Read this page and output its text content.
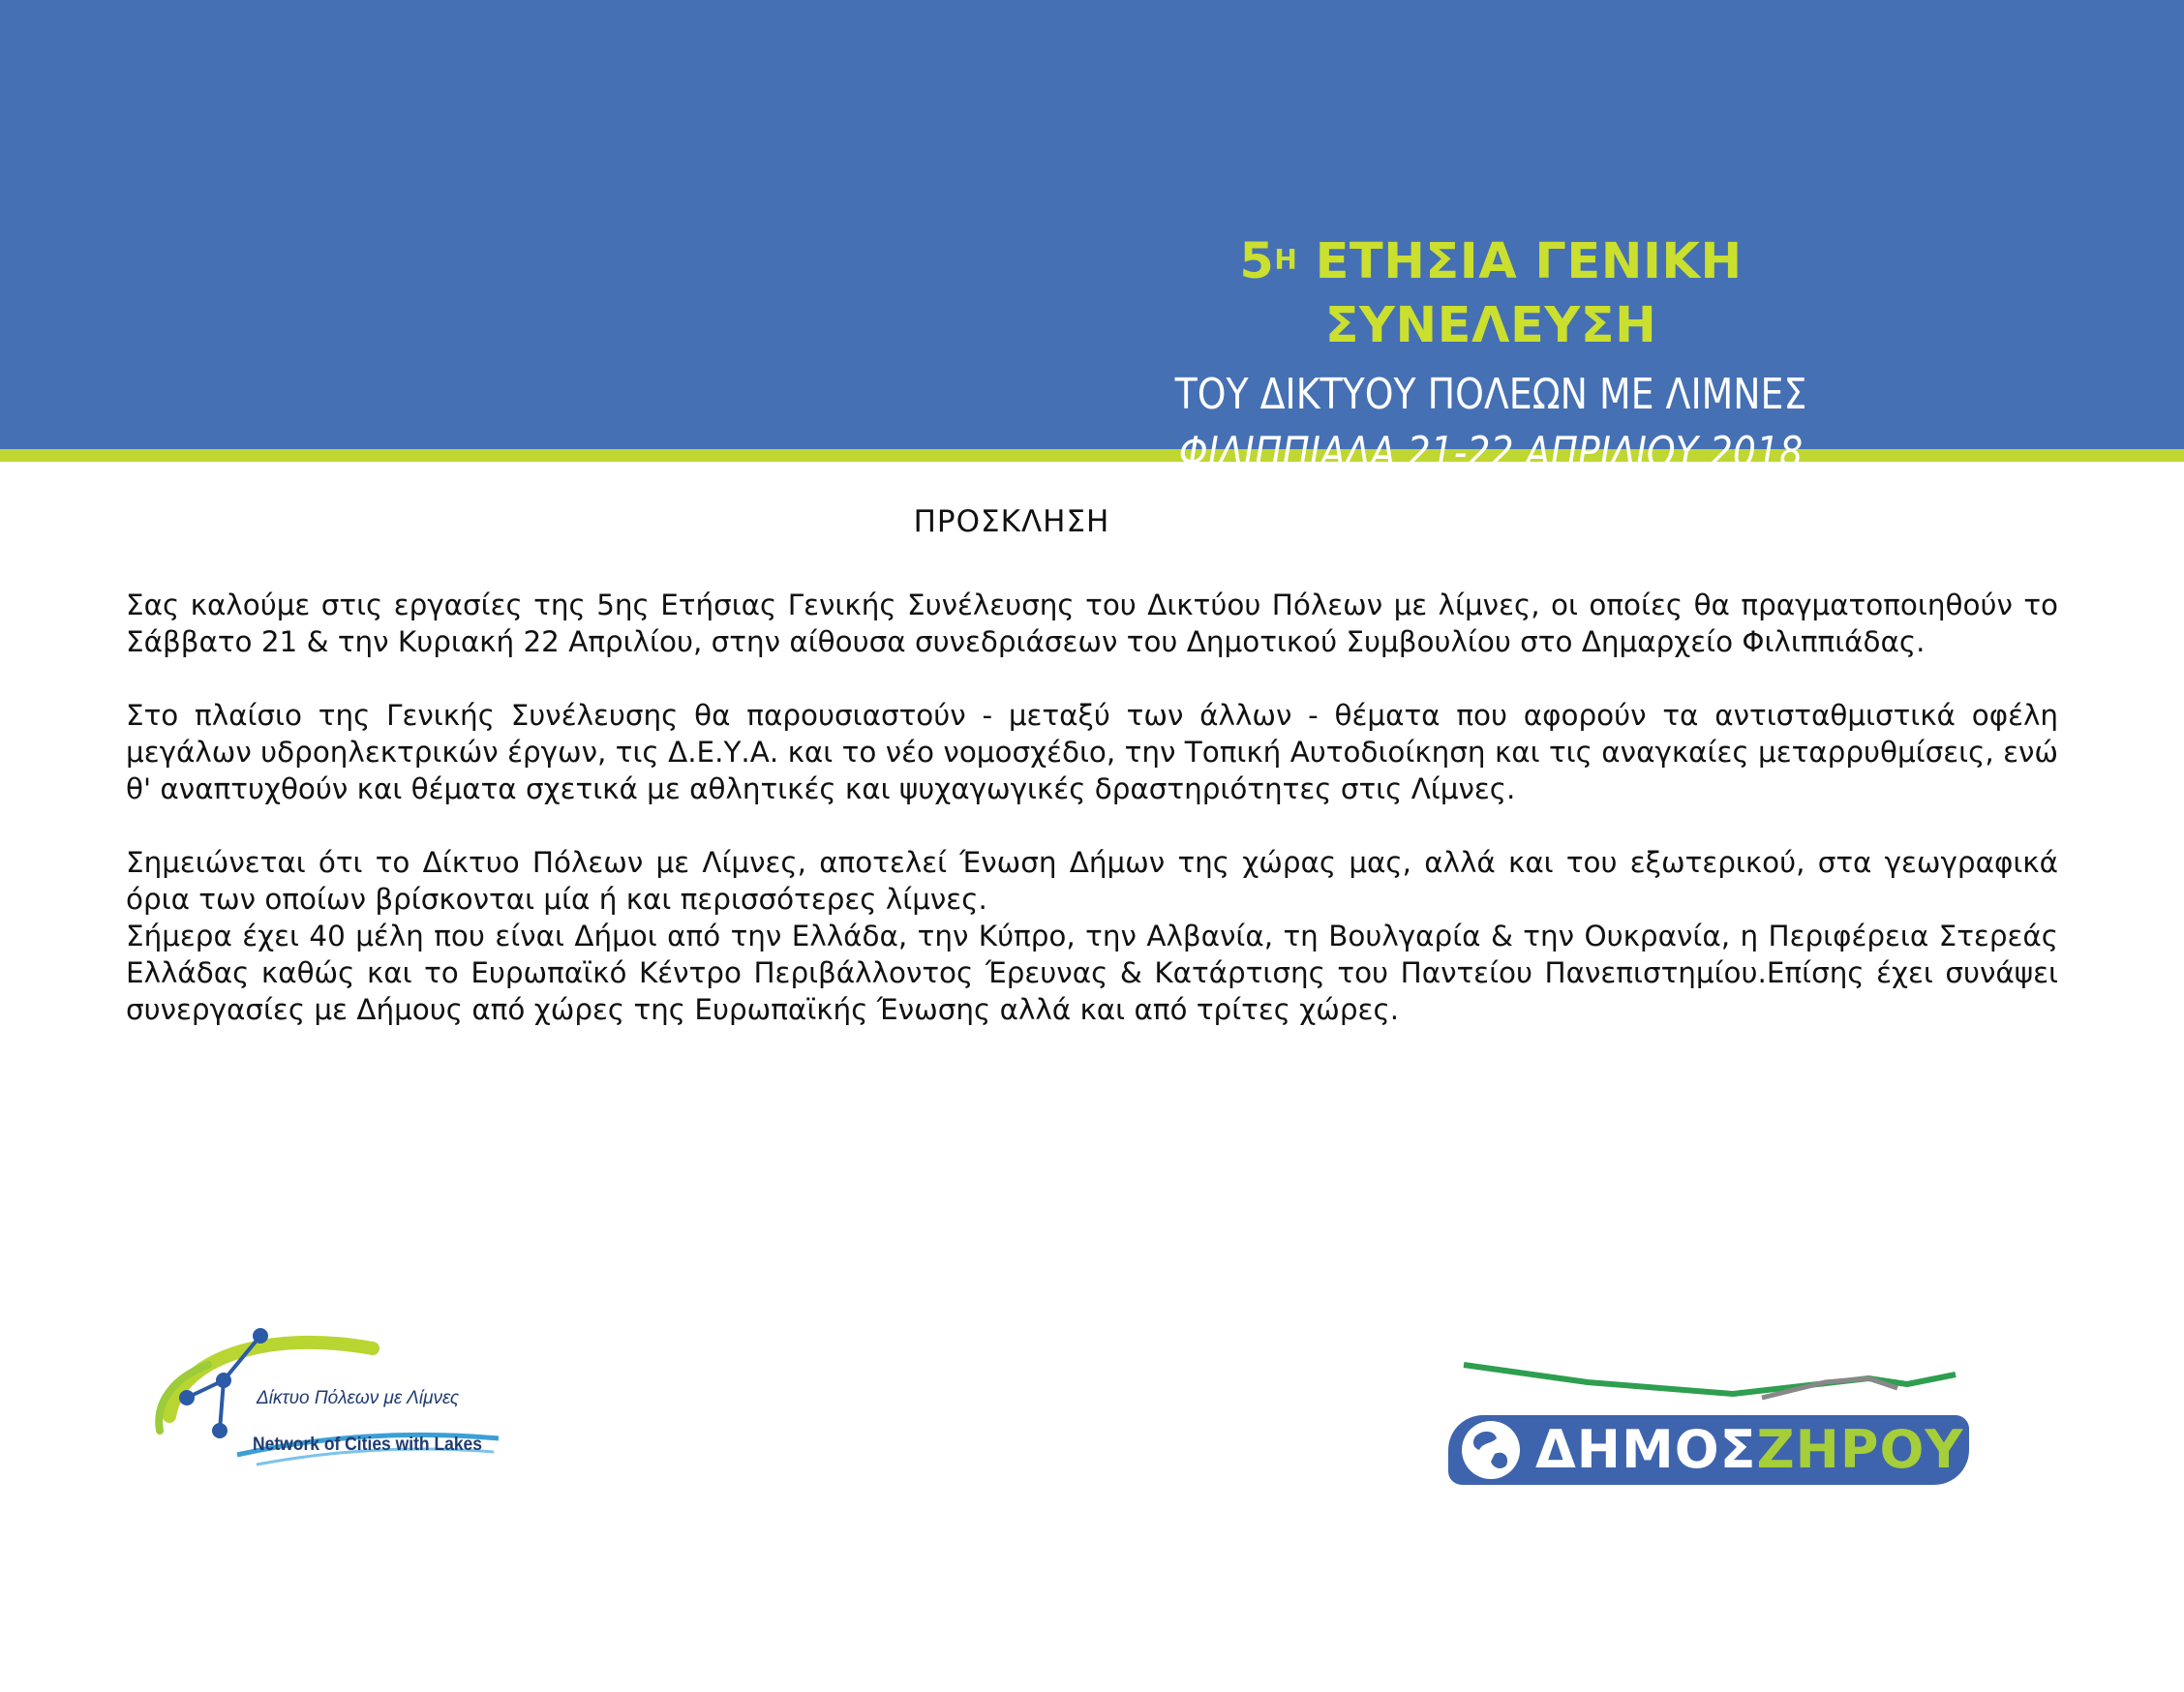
$5^H$ ΕΤΗΣΙΑ ΓΕΝΙΚΗ ΣΥΝΕΛΕΥΣΗ
ΤΟΥ ΔΙΚΤΥΟΥ ΠΟΛΕΩΝ ΜΕ ΛΙΜΝΕΣ
ΦΙΛΙΠΠΙΑΔΑ 21-22 ΑΠΡΙΛΙΟΥ 2018
ΠΡΟΣΚΛΗΣΗ

Σας καλούμε στις εργασίες της 5ης Ετήσιας Γενικής Συνέλευσης του Δικτύου Πόλεων με λίμνες, οι οποίες θα πραγματοποιηθούν το Σάββατο 21 & την Κυριακή 22 Απριλίου, στην αίθουσα συνεδριάσεων του Δημοτικού Συμβουλίου στο Δημαρχείο Φιλιππιάδας.

Στο πλαίσιο της Γενικής Συνέλευσης θα παρουσιαστούν - μεταξύ των άλλων - θέματα που αφορούν τα αντισταθμιστικά οφέλη μεγάλων υδροηλεκτρικών έργων, τις Δ.Ε.Υ.Α. και το νέο νομοσχέδιο, την Τοπική Αυτοδιοίκηση και τις αναγκαίες μεταρρυθμίσεις, ενώ θ' αναπτυχθούν και θέματα σχετικά με αθλητικές και ψυχαγωγικές δραστηριότητες στις Λίμνες.

Σημειώνεται ότι το Δίκτυο Πόλεων με Λίμνες, αποτελεί Ένωση Δήμων της χώρας μας, αλλά και του εξωτερικού, στα γεωγραφικά όρια των οποίων βρίσκονται μία ή και περισσότερες λίμνες.

Σήμερα έχει 40 μέλη που είναι Δήμοι από την Ελλάδα, την Κύπρο, την Αλβανία, τη Βουλγαρία & την Ουκρανία, η Περιφέρεια Στερεάς Ελλάδας καθώς και το Ευρωπαϊκό Κέντρο Περιβάλλοντος Έρευνας & Κατάρτισης του Παντείου Πανεπιστημίου.Επίσης έχει συνάψει συνεργασίες με Δήμους από χώρες της Ευρωπαϊκής Ένωσης αλλά και από τρίτες χώρες.

Δίκτυο Πόλεων με Λίμνες
Network of Cities with Lakes	ΔΗΜΟΣΖΗΡΟΥ
